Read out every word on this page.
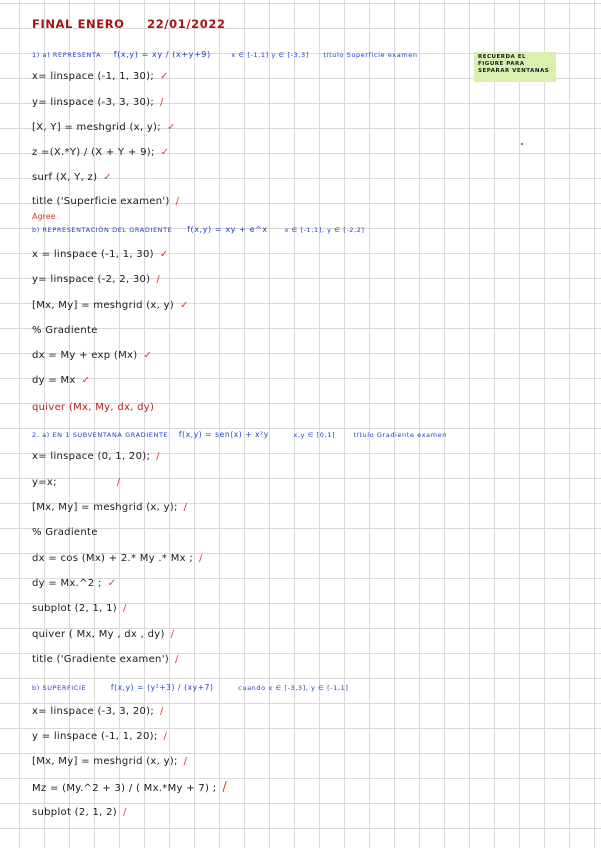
FINAL ENERO 22/01/2022
RECUERDA EL FIGURE PARA SEPARAR VENTANAS
1) a) REPRESENTA f(x,y) = xy / (x+y+9)	x ∈ [-1,1] y ∈ [-3,3] título Superficie examen
x= linspace (-1, 1, 30); ✓
y= linspace (-3, 3, 30); /
[X, Y] = meshgrid (x, y); ✓
z =(X.*Y) / (X + Y + 9); ✓
surf (X, Y, z) ✓
title ('Superficie examen') /
Agree
b) REPRESENTACIÓN DEL GRADIENTE f(x,y) = xy + e^x	x ∈ [-1,1], y ∈ [-2,2]
x = linspace (-1, 1, 30) ✓
y= linspace (-2, 2, 30) /
[Mx, My] = meshgrid (x, y) ✓
% Gradiente
dx = My + exp (Mx) ✓
dy = Mx ✓
quiver (Mx, My, dx, dy)
2. a) EN 1 SUBVENTANA GRADIENTE f(x,y) = sen(x) + x²y	x,y ∈ [0,1]	título Gradiente examen
x= linspace (0, 1, 20); /
y=x;	/
[Mx, My] = meshgrid (x, y); /
% Gradiente
dx = cos (Mx) + 2.* My .* Mx ; /
dy = Mx.^2 ; ✓
subplot (2, 1, 1) /
quiver ( Mx, My , dx , dy) /
title ('Gradiente examen') /
b) SUPERFICIE	f(x,y) = (y²+3) / (xy+7)	cuando x ∈ [-3,3], y ∈ [-1,1]
x= linspace (-3, 3, 20); /
y = linspace (-1, 1, 20); /
[Mx, My] = meshgrid (x, y); /
Mz = (My.^2 + 3) / ( Mx.*My + 7) ; /
subplot (2, 1, 2) /
